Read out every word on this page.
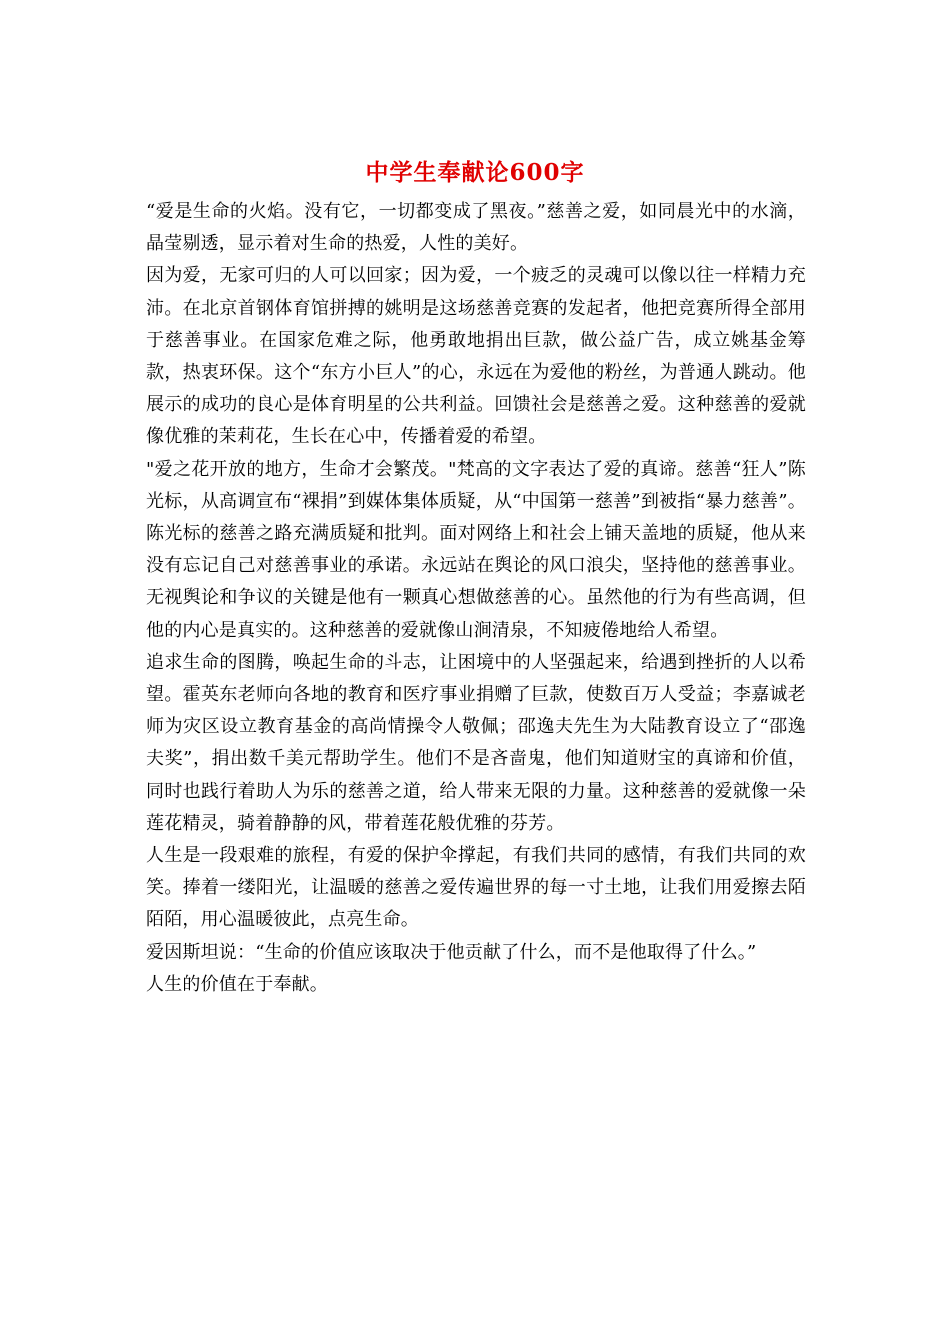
中学生奉献论600字

“爱是生命的火焰。没有它，一切都变成了黑夜。”慈善之爱，如同晨光中的水滴，晶莹剔透，显示着对生命的热爱，人性的美好。

因为爱，无家可归的人可以回家；因为爱，一个疲乏的灵魂可以像以往一样精力充沛。在北京首钢体育馆拼搏的姚明是这场慈善竞赛的发起者，他把竞赛所得全部用于慈善事业。在国家危难之际，他勇敢地捐出巨款，做公益广告，成立姚基金筹款，热衷环保。这个“东方小巨人”的心，永远在为爱他的粉丝，为普通人跳动。他展示的成功的良心是体育明星的公共利益。回馈社会是慈善之爱。这种慈善的爱就像优雅的茉莉花，生长在心中，传播着爱的希望。

"爱之花开放的地方，生命才会繁茂。"梵高的文字表达了爱的真谛。慈善“狂人”陈光标，从高调宣布“裸捐”到媒体集体质疑，从“中国第一慈善”到被指“暴力慈善”。陈光标的慈善之路充满质疑和批判。面对网络上和社会上铺天盖地的质疑，他从来没有忘记自己对慈善事业的承诺。永远站在舆论的风口浪尖，坚持他的慈善事业。无视舆论和争议的关键是他有一颗真心想做慈善的心。虽然他的行为有些高调，但他的内心是真实的。这种慈善的爱就像山涧清泉，不知疲倦地给人希望。

追求生命的图腾，唤起生命的斗志，让困境中的人坚强起来，给遇到挫折的人以希望。霍英东老师向各地的教育和医疗事业捐赠了巨款，使数百万人受益；李嘉诚老师为灾区设立教育基金的高尚情操令人敬佩；邵逸夫先生为大陆教育设立了“邵逸夫奖”，捐出数千美元帮助学生。他们不是吝啬鬼，他们知道财宝的真谛和价值，同时也践行着助人为乐的慈善之道，给人带来无限的力量。这种慈善的爱就像一朵莲花精灵，骑着静静的风，带着莲花般优雅的芬芳。

人生是一段艰难的旅程，有爱的保护伞撑起，有我们共同的感情，有我们共同的欢笑。捧着一缕阳光，让温暖的慈善之爱传遍世界的每一寸土地，让我们用爱擦去陌陌陌，用心温暖彼此，点亮生命。

爱因斯坦说：“生命的价值应该取决于他贡献了什么，而不是他取得了什么。”

人生的价值在于奉献。
